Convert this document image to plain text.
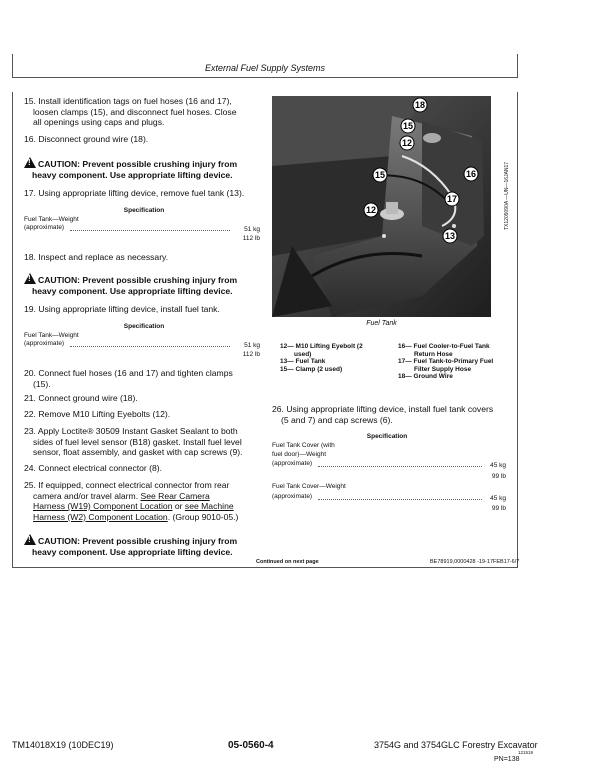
External Fuel Supply Systems
15. Install identification tags on fuel hoses (16 and 17),
loosen clamps (15), and disconnect fuel hoses. Close
all openings using caps and plugs.
16. Disconnect ground wire (18).
!CAUTION: Prevent possible crushing injury from
heavy component. Use appropriate lifting device.
17. Using appropriate lifting device, remove fuel tank (13).
Specification
Fuel Tank—Weight
(approximate)	51 kg
112 lb
18. Inspect and replace as necessary.
!CAUTION: Prevent possible crushing injury from
heavy component. Use appropriate lifting device.
19. Using appropriate lifting device, install fuel tank.
Specification
Fuel Tank—Weight
(approximate)	51 kg
112 lb
20. Connect fuel hoses (16 and 17) and tighten clamps
(15).
21. Connect ground wire (18).
22. Remove M10 Lifting Eyebolts (12).
23. Apply Loctite® 30509 Instant Gasket Sealant to both
sides of fuel level sensor (B18) gasket. Install fuel level
sensor, float assembly, and gasket with cap screws (9).
24. Connect electrical connector (8).
25. If equipped, connect electrical connector from rear
camera and/or travel alarm. See Rear Camera
Harness (W19) Component Location or see Machine
Harness (W2) Component Location. (Group 9010-05.)
!CAUTION: Prevent possible crushing injury from
heavy component. Use appropriate lifting device.
18
15
12
16
15
17
12
13
TX1209090A —UN—16JAN17
Fuel Tank
12— M10 Lifting Eyebolt (2
used)
13— Fuel Tank
15— Clamp (2 used)
16— Fuel Cooler-to-Fuel Tank
Return Hose
17— Fuel Tank-to-Primary Fuel
Filter Supply Hose
18— Ground Wire
26. Using appropriate lifting device, install fuel tank covers
(5 and 7) and cap screws (6).
Specification
Fuel Tank Cover (with
fuel door)—Weight
(approximate)	45 kg
99 lb
Fuel Tank Cover—Weight
(approximate)	45 kg
99 lb
Continued on next page	BE78919,0000428 -19-17FEB17-6/7
TM14018X19 (10DEC19)	05-0560-4	3754G and 3754GLC Forestry Excavator
121519
PN=138
